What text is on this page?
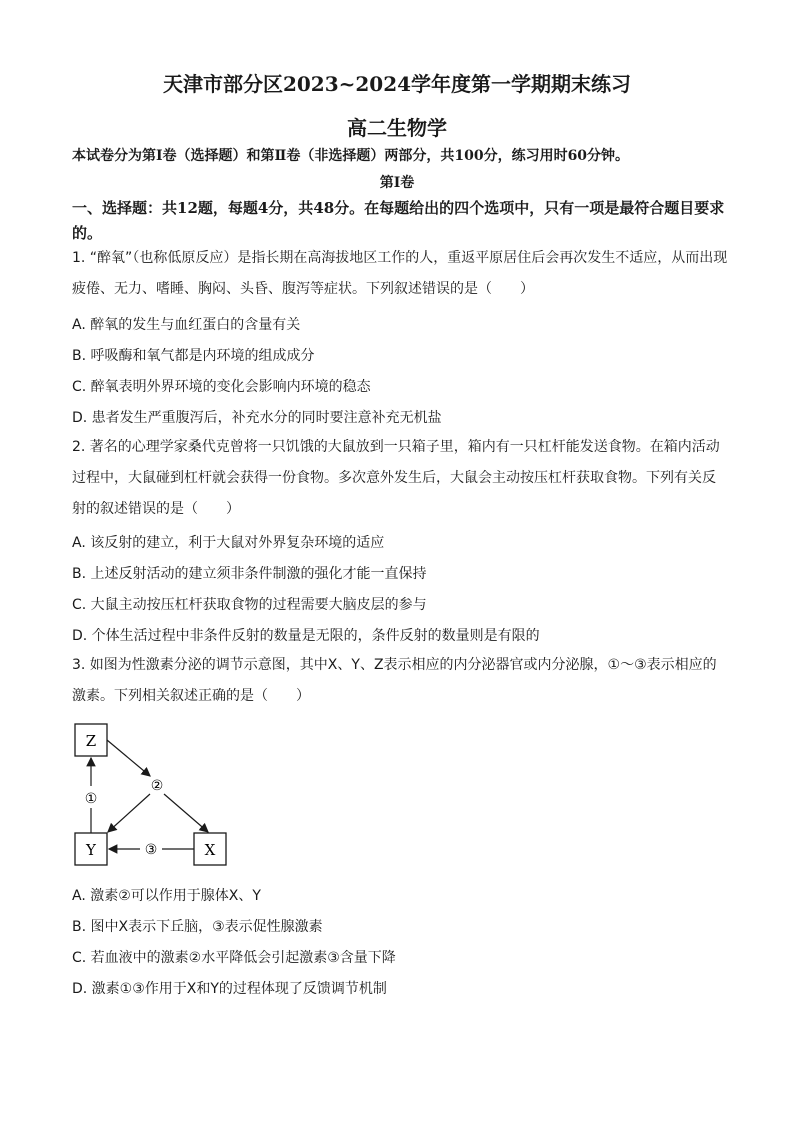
天津市部分区2023~2024学年度第一学期期末练习
高二生物学
本试卷分为第Ⅰ卷（选择题）和第Ⅱ卷（非选择题）两部分，共100分，练习用时60分钟。
第Ⅰ卷
一、选择题：共12题，每题4分，共48分。在每题给出的四个选项中，只有一项是最符合题目要求的。
1. “醉氧”（也称低原反应）是指长期在高海拔地区工作的人，重返平原居住后会再次发生不适应，从而出现疲倦、无力、嗜睡、胸闷、头昏、腹泻等症状。下列叙述错误的是（　　）
A. 醉氧的发生与血红蛋白的含量有关
B. 呼吸酶和氧气都是内环境的组成成分
C. 醉氧表明外界环境的变化会影响内环境的稳态
D. 患者发生严重腹泻后，补充水分的同时要注意补充无机盐
2. 著名的心理学家桑代克曾将一只饥饿的大鼠放到一只箱子里，箱内有一只杠杆能发送食物。在箱内活动过程中，大鼠碰到杠杆就会获得一份食物。多次意外发生后，大鼠会主动按压杠杆获取食物。下列有关反射的叙述错误的是（　　）
A. 该反射的建立，利于大鼠对外界复杂环境的适应
B. 上述反射活动的建立须非条件制激的强化才能一直保持
C. 大鼠主动按压杠杆获取食物的过程需要大脑皮层的参与
D. 个体生活过程中非条件反射的数量是无限的，条件反射的数量则是有限的
3. 如图为性激素分泌的调节示意图，其中X、Y、Z表示相应的内分泌器官或内分泌腺，①～③表示相应的激素。下列相关叙述正确的是（　　）
Z
Y	X
①
②
③
A. 激素②可以作用于腺体X、Y
B. 图中X表示下丘脑，③表示促性腺激素
C. 若血液中的激素②水平降低会引起激素③含量下降
D. 激素①③作用于X和Y的过程体现了反馈调节机制
